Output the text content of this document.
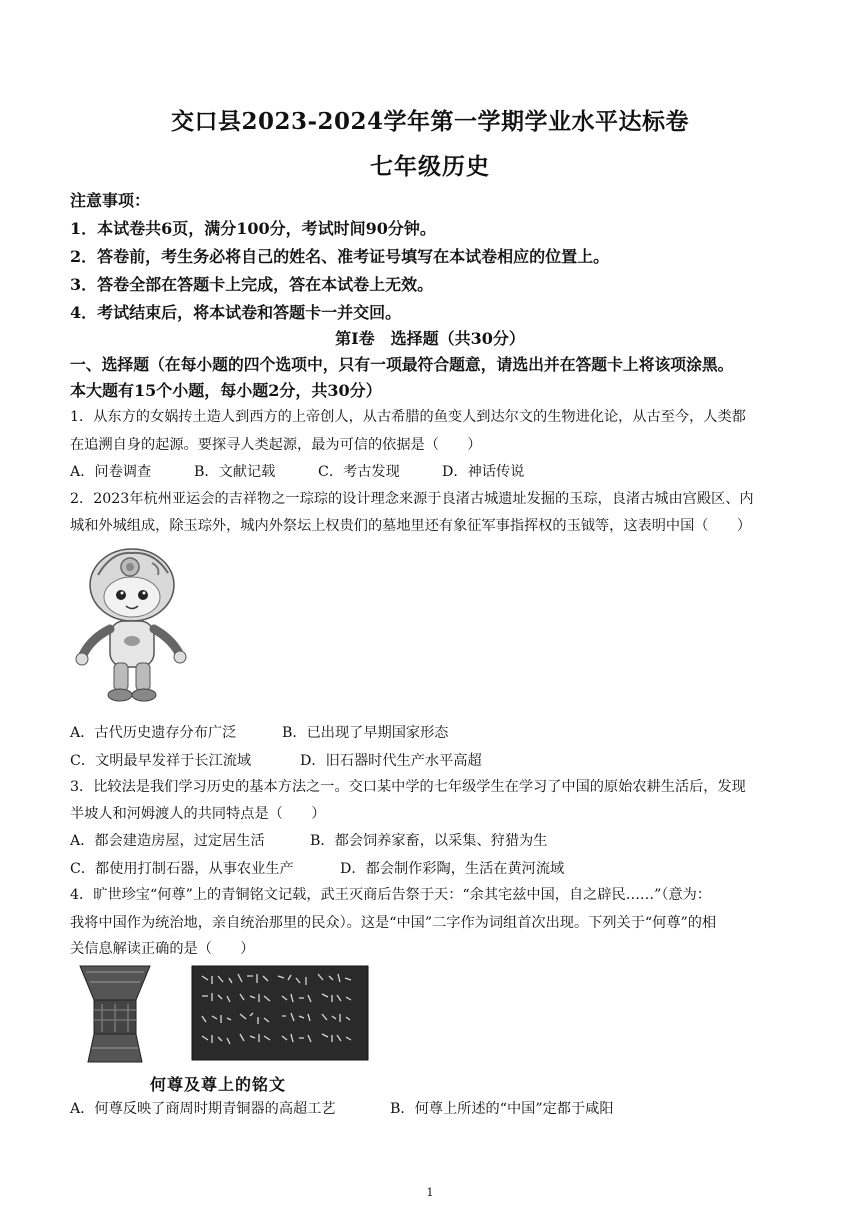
交口县2023-2024学年第一学期学业水平达标卷
七年级历史
注意事项：
1．本试卷共6页，满分100分，考试时间90分钟。
2．答卷前，考生务必将自己的姓名、准考证号填写在本试卷相应的位置上。
3．答卷全部在答题卡上完成，答在本试卷上无效。
4．考试结束后，将本试卷和答题卡一并交回。
第Ⅰ卷　选择题（共30分）
一、选择题（在每小题的四个选项中，只有一项最符合题意，请选出并在答题卡上将该项涂黑。
本大题有15个小题，每小题2分，共30分）
1．从东方的女娲抟土造人到西方的上帝创人，从古希腊的鱼变人到达尔文的生物进化论，从古至今，人类都
在追溯自身的起源。要探寻人类起源，最为可信的依据是（　　）
A．问卷调查	B．文献记载	C．考古发现	D．神话传说
2．2023年杭州亚运会的吉祥物之一琮琮的设计理念来源于良渚古城遗址发掘的玉琮，良渚古城由宫殿区、内
城和外城组成，除玉琮外，城内外祭坛上权贵们的墓地里还有象征军事指挥权的玉钺等，这表明中国（　　）
A．古代历史遗存分布广泛	B．已出现了早期国家形态
C．文明最早发祥于长江流域	D．旧石器时代生产水平高超
3．比较法是我们学习历史的基本方法之一。交口某中学的七年级学生在学习了中国的原始农耕生活后，发现
半坡人和河姆渡人的共同特点是（　　）
A．都会建造房屋，过定居生活	B．都会饲养家畜，以采集、狩猎为生
C．都使用打制石器，从事农业生产	D．都会制作彩陶，生活在黄河流域
4．旷世珍宝“何尊”上的青铜铭文记载，武王灭商后告祭于天：“余其宅兹中国，自之辟民……”（意为：
我将中国作为统治地，亲自统治那里的民众）。这是“中国”二字作为词组首次出现。下列关于“何尊”的相
关信息解读正确的是（　　）
何尊及尊上的铭文
A．何尊反映了商周时期青铜器的高超工艺	B．何尊上所述的“中国”定都于咸阳
1
